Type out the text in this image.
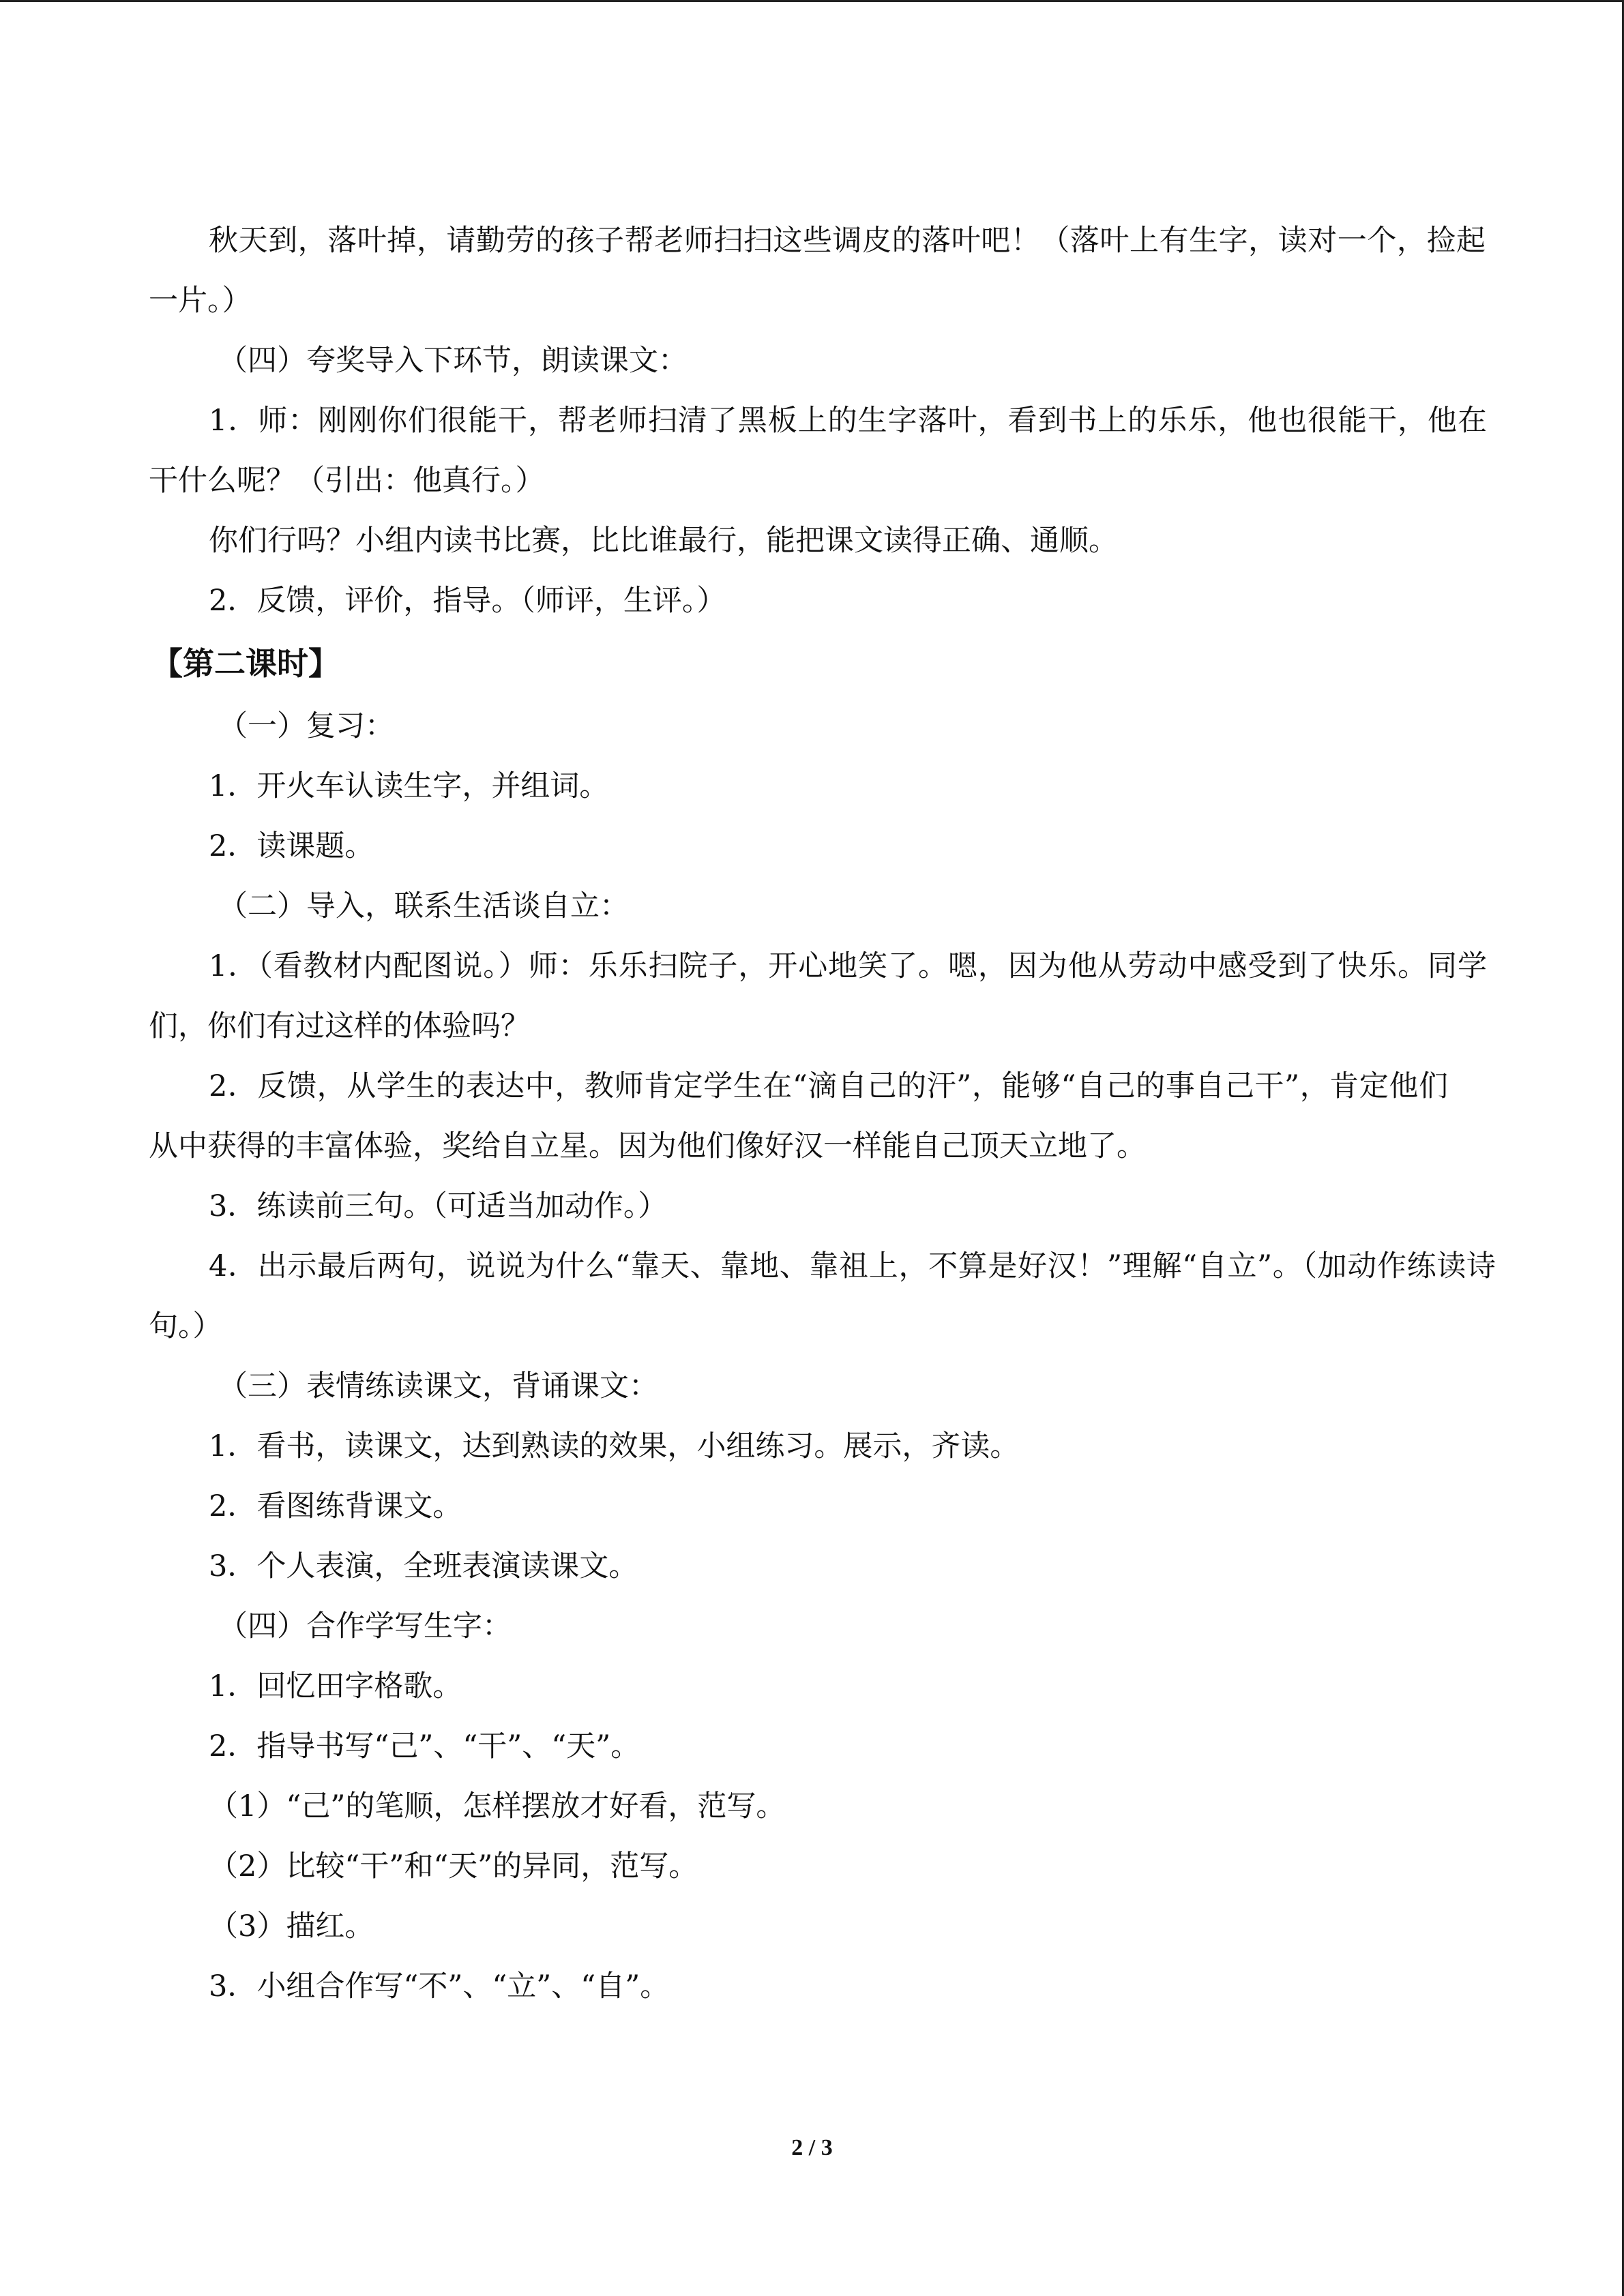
秋天到，落叶掉，请勤劳的孩子帮老师扫扫这些调皮的落叶吧！（落叶上有生字，读对一个，捡起一片。）

（四）夸奖导入下环节，朗读课文：

1．师：刚刚你们很能干，帮老师扫清了黑板上的生字落叶，看到书上的乐乐，他也很能干，他在干什么呢？（引出：他真行。）

你们行吗？小组内读书比赛，比比谁最行，能把课文读得正确、通顺。

2．反馈，评价，指导。（师评，生评。）

【第二课时】

（一）复习：

1．开火车认读生字，并组词。

2．读课题。

（二）导入，联系生活谈自立：

1．（看教材内配图说。）师：乐乐扫院子，开心地笑了。嗯，因为他从劳动中感受到了快乐。同学们，你们有过这样的体验吗？

2．反馈，从学生的表达中，教师肯定学生在“滴自己的汗”，能够“自己的事自己干”，肯定他们从中获得的丰富体验，奖给自立星。因为他们像好汉一样能自己顶天立地了。

3．练读前三句。（可适当加动作。）

4．出示最后两句，说说为什么“靠天、靠地、靠祖上，不算是好汉！”理解“自立”。（加动作练读诗句。）

（三）表情练读课文，背诵课文：

1．看书，读课文，达到熟读的效果，小组练习。展示，齐读。

2．看图练背课文。

3．个人表演，全班表演读课文。

（四）合作学写生字：

1．回忆田字格歌。

2．指导书写“己”、“干”、“天”。

（1）“己”的笔顺，怎样摆放才好看，范写。

（2）比较“干”和“天”的异同，范写。

（3）描红。

3．小组合作写“不”、“立”、“自”。

2 / 3
